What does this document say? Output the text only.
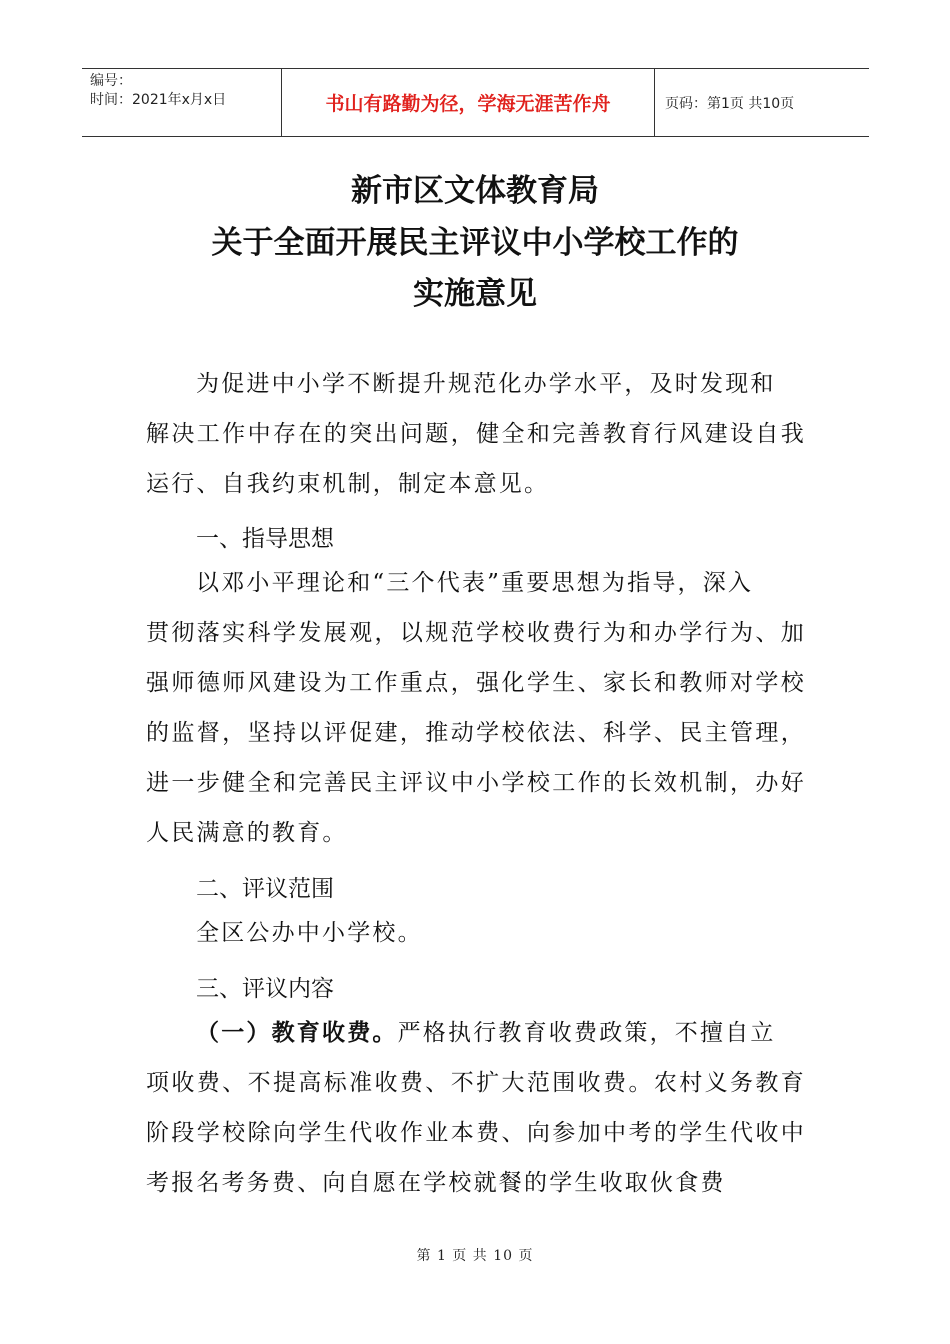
编号：
时间：2021年x月x日	书山有路勤为径，学海无涯苦作舟	页码：第1页 共10页
新市区文体教育局
关于全面开展民主评议中小学校工作的
实施意见
为促进中小学不断提升规范化办学水平，及时发现和
解决工作中存在的突出问题，健全和完善教育行风建设自我运行、自我约束机制，制定本意见。
一、指导思想
以邓小平理论和“三个代表”重要思想为指导，深入
贯彻落实科学发展观，以规范学校收费行为和办学行为、加强师德师风建设为工作重点，强化学生、家长和教师对学校的监督，坚持以评促建，推动学校依法、科学、民主管理，进一步健全和完善民主评议中小学校工作的长效机制，办好人民满意的教育。
二、评议范围
全区公办中小学校。
三、评议内容
（一）教育收费。严格执行教育收费政策，不擅自立
项收费、不提高标准收费、不扩大范围收费。农村义务教育阶段学校除向学生代收作业本费、向参加中考的学生代收中考报名考务费、向自愿在学校就餐的学生收取伙食费
第 1 页 共 10 页
